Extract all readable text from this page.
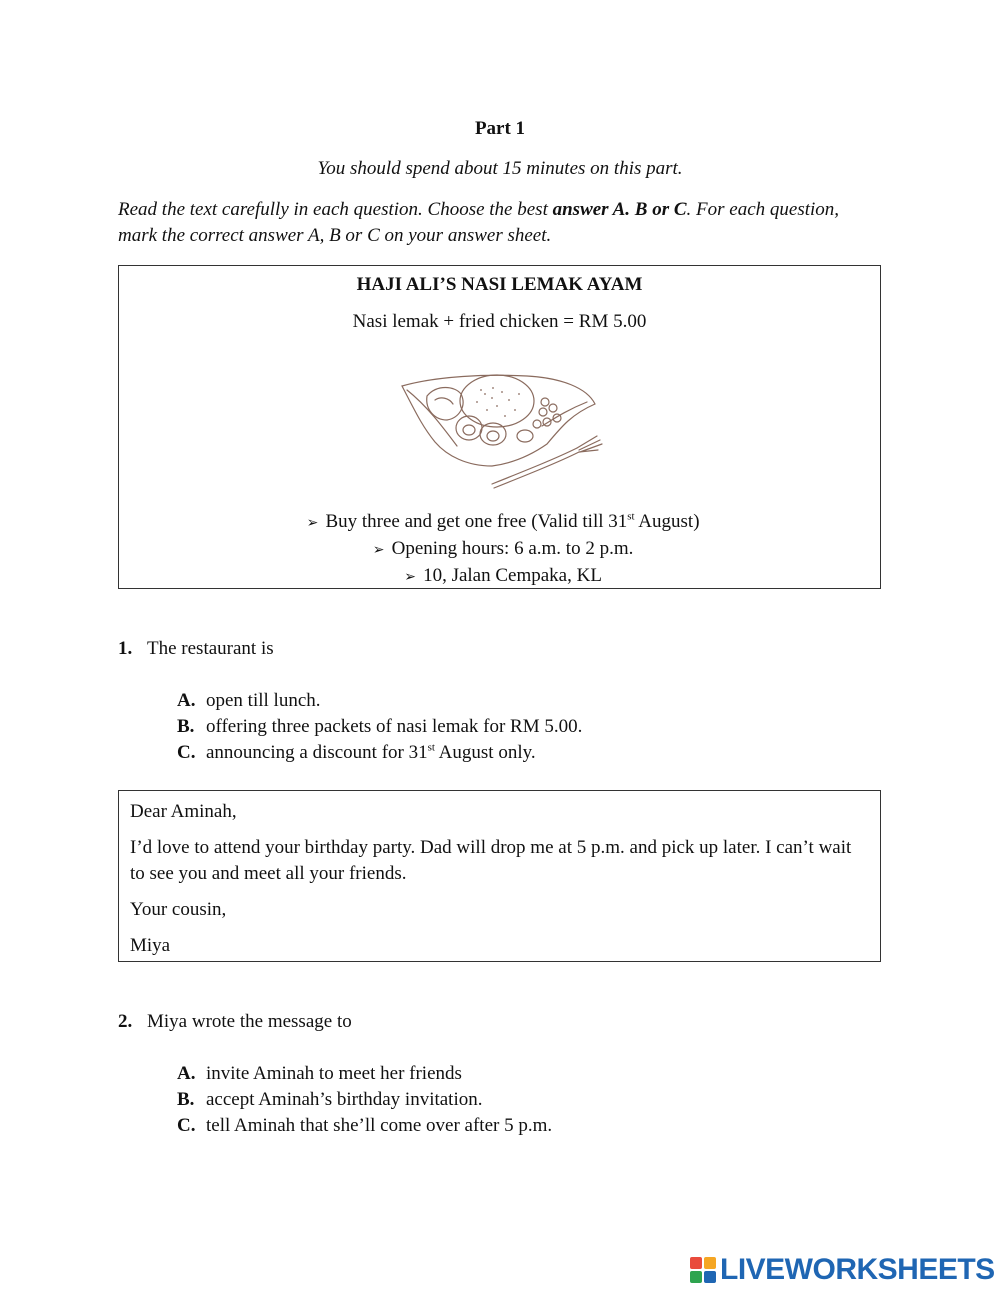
Part 1
You should spend about 15 minutes on this part.
Read the text carefully in each question. Choose the best answer A. B or C. For each question, mark the correct answer A, B or C on your answer sheet.
HAJI ALI’S NASI LEMAK AYAM
Nasi lemak + fried chicken = RM 5.00
➢ Buy three and get one free (Valid till 31st August)
➢ Opening hours: 6 a.m. to 2 p.m.
➢ 10, Jalan Cempaka, KL
1. The restaurant is
A. open till lunch.
B. offering three packets of nasi lemak for RM 5.00.
C. announcing a discount for 31st August only.
Dear Aminah,
I’d love to attend your birthday party. Dad will drop me at 5 p.m. and pick up later. I can’t wait to see you and meet all your friends.
Your cousin,
Miya
2. Miya wrote the message to
A. invite Aminah to meet her friends
B. accept Aminah’s birthday invitation.
C. tell Aminah that she’ll come over after 5 p.m.
LIVEWORKSHEETS
